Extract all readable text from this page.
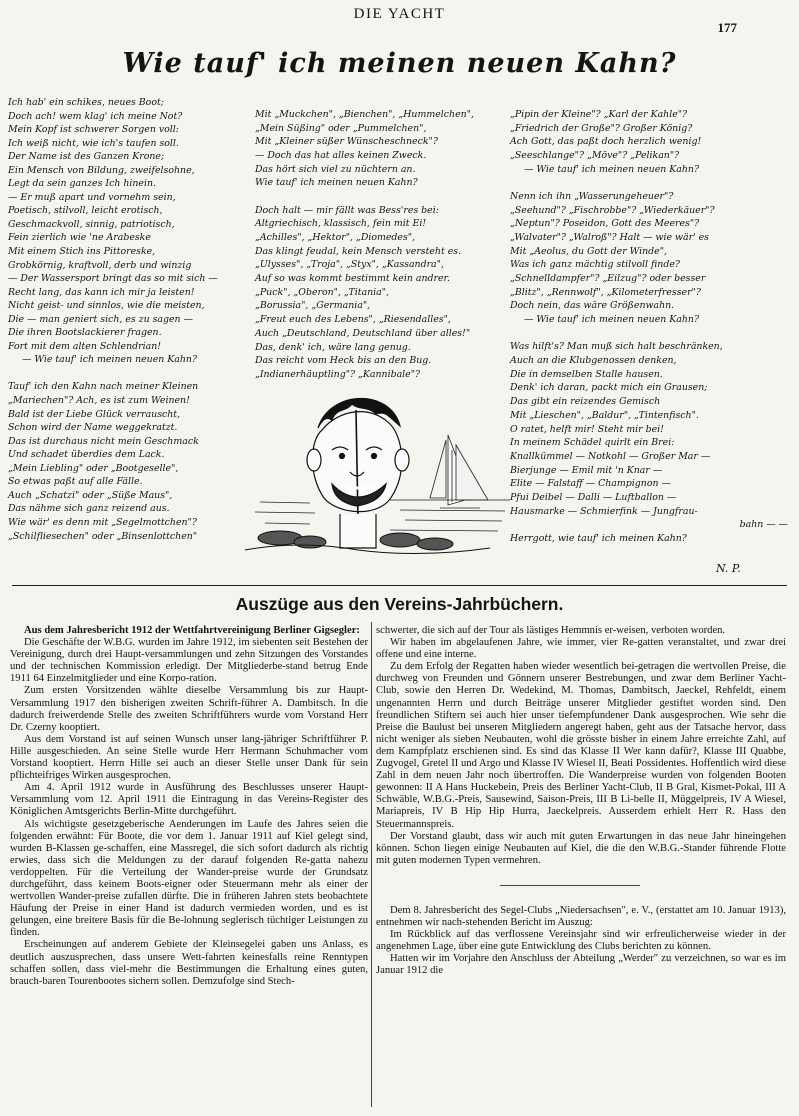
DIE YACHT
177
Wie tauf' ich meinen neuen Kahn?
Ich hab' ein schikes, neues Boot;
Doch ach! wem klag' ich meine Not?
Mein Kopf ist schwerer Sorgen voll:
Ich weiß nicht, wie ich's taufen soll.
Der Name ist des Ganzen Krone;
Ein Mensch von Bildung, zweifelsohne,
Legt da sein ganzes Ich hinein.
— Er muß apart und vornehm sein,
Poetisch, stilvoll, leicht erotisch,
Geschmackvoll, sinnig, patriotisch,
Fein zierlich wie 'ne Arabeske
Mit einem Stich ins Pittoreske,
Grobkörnig, kraftvoll, derb und winzig
— Der Wassersport bringt das so mit sich —
Recht lang, das kann ich mir ja leisten!
Nicht geist- und sinnlos, wie die meisten,
Die — man geniert sich, es zu sagen —
Die ihren Bootslackierer fragen.
Fort mit dem alten Schlendrian!
— Wie tauf' ich meinen neuen Kahn?
Tauf' ich den Kahn nach meiner Kleinen
„Mariechen"? Ach, es ist zum Weinen!
Bald ist der Liebe Glück verrauscht,
Schon wird der Name weggekratzt.
Das ist durchaus nicht mein Geschmack
Und schadet überdies dem Lack.
„Mein Liebling" oder „Bootgeselle",
So etwas paßt auf alle Fälle.
Auch „Schatzi" oder „Süße Maus",
Das nähme sich ganz reizend aus.
Wie wär' es denn mit „Segelmottchen"?
„Schilfliesechen" oder „Binsenlottchen"
Mit „Muckchen", „Bienchen", „Hummelchen",
„Mein Süßing" oder „Pummelchen",
Mit „Kleiner süßer Wünscheschneck"?
— Doch das hat alles keinen Zweck.
Das hört sich viel zu nüchtern an.
Wie tauf' ich meinen neuen Kahn?
Doch halt — mir fällt was Bess'res bei:
Altgriechisch, klassisch, fein mit Ei!
„Achilles", „Hektor", „Diomedes",
Das klingt feudal, kein Mensch versteht es.
„Ulysses", „Troja", „Styx", „Kassandra",
Auf so was kommt bestimmt kein andrer.
„Puck", „Oberon", „Titania",
„Borussia", „Germania",
„Freut euch des Lebens", „Riesendalles",
Auch „Deutschland, Deutschland über alles!"
Das, denk' ich, wäre lang genug.
Das reicht vom Heck bis an den Bug.
„Indianerhäuptling"? „Kannibale"?
„Pipin der Kleine"? „Karl der Kahle"?
„Friedrich der Große"? Großer König?
Ach Gott, das paßt doch herzlich wenig!
„Seeschlange"? „Möve"? „Pelikan"?
— Wie tauf' ich meinen neuen Kahn?
Nenn ich ihn „Wasserungeheuer"?
„Seehund"? „Fischrobbe"? „Wiederkäuer"?
„Neptun"? Poseidon, Gott des Meeres"?
„Walvater"? „Walroß"? Halt — wie wär' es
Mit „Aeolus, du Gott der Winde",
Was ich ganz mächtig stilvoll finde?
„Schnelldampfer"? „Eilzug"? oder besser
„Blitz", „Rennwolf", „Kilometerfresser"?
Doch nein, das wäre Größenwahn.
— Wie tauf' ich meinen neuen Kahn?
Was hilft's? Man muß sich halt beschränken,
Auch an die Klubgenossen denken,
Die in demselben Stalle hausen.
Denk' ich daran, packt mich ein Grausen;
Das gibt ein reizendes Gemisch
Mit „Lieschen", „Baldur", „Tintenfisch".
O ratet, helft mir! Steht mir bei!
In meinem Schädel quirlt ein Brei:
Knallkümmel — Notkohl — Großer Mar —
Bierjunge — Emil mit 'n Knar —
Elite — Falstaff — Champignon —
Pfui Deibel — Dalli — Luftballon —
Hausmarke — Schmierfink — Jungfrau-
bahn — —
Herrgott, wie tauf' ich meinen Kahn?
N. P.
Auszüge aus den Vereins-Jahrbüchern.

Aus dem Jahresbericht 1912 der Wettfahrtvereinigung Berliner Gigsegler:

Die Geschäfte der W.B.G. wurden im Jahre 1912, im siebenten seit Bestehen der Vereinigung, durch drei Haupt-versammlungen und zehn Sitzungen des Vorstandes und der technischen Kommission erledigt. Der Mitgliederbe-stand betrug Ende 1911 64 Einzelmitglieder und eine Korpo-ration.

Zum ersten Vorsitzenden wählte dieselbe Versammlung bis zur Haupt-Versammlung 1917 den bisherigen zweiten Schrift-führer A. Dambitsch. In die dadurch freiwerdende Stelle des zweiten Schriftführers wurde vom Vorstand Herr Dr. Czerny kooptiert.

Aus dem Vorstand ist auf seinen Wunsch unser lang-jähriger Schriftführer P. Hille ausgeschieden. An seine Stelle wurde Herr Hermann Schuhmacher vom Vorstand kooptiert. Herrn Hille sei auch an dieser Stelle unser Dank für sein pflichteifriges Wirken ausgesprochen.

Am 4. April 1912 wurde in Ausführung des Beschlusses unserer Haupt-Versammlung vom 12. April 1911 die Eintragung in das Vereins-Register des Königlichen Amtsgerichts Berlin-Mitte durchgeführt.

Als wichtigste gesetzgeberische Aenderungen im Laufe des Jahres seien die folgenden erwähnt: Für Boote, die vor dem 1. Januar 1911 auf Kiel gelegt sind, wurden B-Klassen ge-schaffen, eine Massregel, die sich sofort dadurch als richtig erwies, dass sich die Meldungen zu der darauf folgenden Re-gatta nahezu verdoppelten. Für die Verteilung der Wander-preise wurde der Grundsatz durchgeführt, dass keinem Boots-eigner oder Steuermann mehr als einer der wertvollen Wander-preise zufallen dürfte. Die in früheren Jahren stets beobachtete Häufung der Preise in einer Hand ist dadurch vermieden worden, und es ist gelungen, eine breitere Basis für die Be-lohnung seglerisch tüchtiger Leistungen zu finden.

Erscheinungen auf anderem Gebiete der Kleinsegelei gaben uns Anlass, es deutlich auszusprechen, dass unsere Wett-fahrten keinesfalls reine Renntypen schaffen sollen, dass viel-mehr die Bestimmungen die Erhaltung eines guten, brauch-baren Tourenbootes sichern sollen. Demzufolge sind Stech-

schwerter, die sich auf der Tour als lästiges Hemmnis er-weisen, verboten worden.

Wir haben im abgelaufenen Jahre, wie immer, vier Re-gatten veranstaltet, und zwar drei offene und eine interne.

Zu dem Erfolg der Regatten haben wieder wesentlich bei-getragen die wertvollen Preise, die durchweg von Freunden und Gönnern unserer Bestrebungen, und zwar dem Berliner Yacht-Club, sowie den Herren Dr. Wedekind, M. Thomas, Dambitsch, Jaeckel, Rehfeldt, einem ungenannten Herrn und durch Beiträge unserer Mitglieder gestiftet worden sind. Den freundlichen Stiftern sei auch hier unser tiefempfundener Dank ausgesprochen. Wie sehr die Preise die Baulust bei unseren Mitgliedern angeregt haben, geht aus der Tatsache hervor, dass nicht weniger als sieben Neubauten, wohl die grösste bisher in einem Jahre erreichte Zahl, auf dem Kampfplatz erschienen sind. Es sind das Klasse II Wer kann dafür?, Klasse III Quabbe, Zugvogel, Gretel II und Argo und Klasse IV Wiesel II, Beati Possidentes. Hoffentlich wird diese Zahl in dem neuen Jahr noch übertroffen. Die Wanderpreise wurden von folgenden Booten gewonnen: II A Hans Huckebein, Preis des Berliner Yacht-Club, II B Gral, Kismet-Pokal, III A Schwäble, W.B.G.-Preis, Sausewind, Saison-Preis, III B Li-belle II, Müggelpreis, IV A Wiesel, Mariapreis, IV B Hip Hip Hurra, Jaeckelpreis. Ausserdem erhielt Herr R. Hass den Steuermannspreis.

Der Vorstand glaubt, dass wir auch mit guten Erwartungen in das neue Jahr hineingehen können. Schon liegen einige Neubauten auf Kiel, die die den W.B.G.-Stander führende Flotte mit guten modernen Typen vermehren.

Dem 8. Jahresbericht des Segel-Clubs „Niedersachsen", e. V., (erstattet am 10. Januar 1913), entnehmen wir nach-stehenden Bericht im Auszug:

Im Rückblick auf das verflossene Vereinsjahr sind wir erfreulicherweise wieder in der angenehmen Lage, über eine gute Entwicklung des Clubs berichten zu können.

Hatten wir im Vorjahre den Anschluss der Abteilung „Werder" zu verzeichnen, so war es im Januar 1912 die
